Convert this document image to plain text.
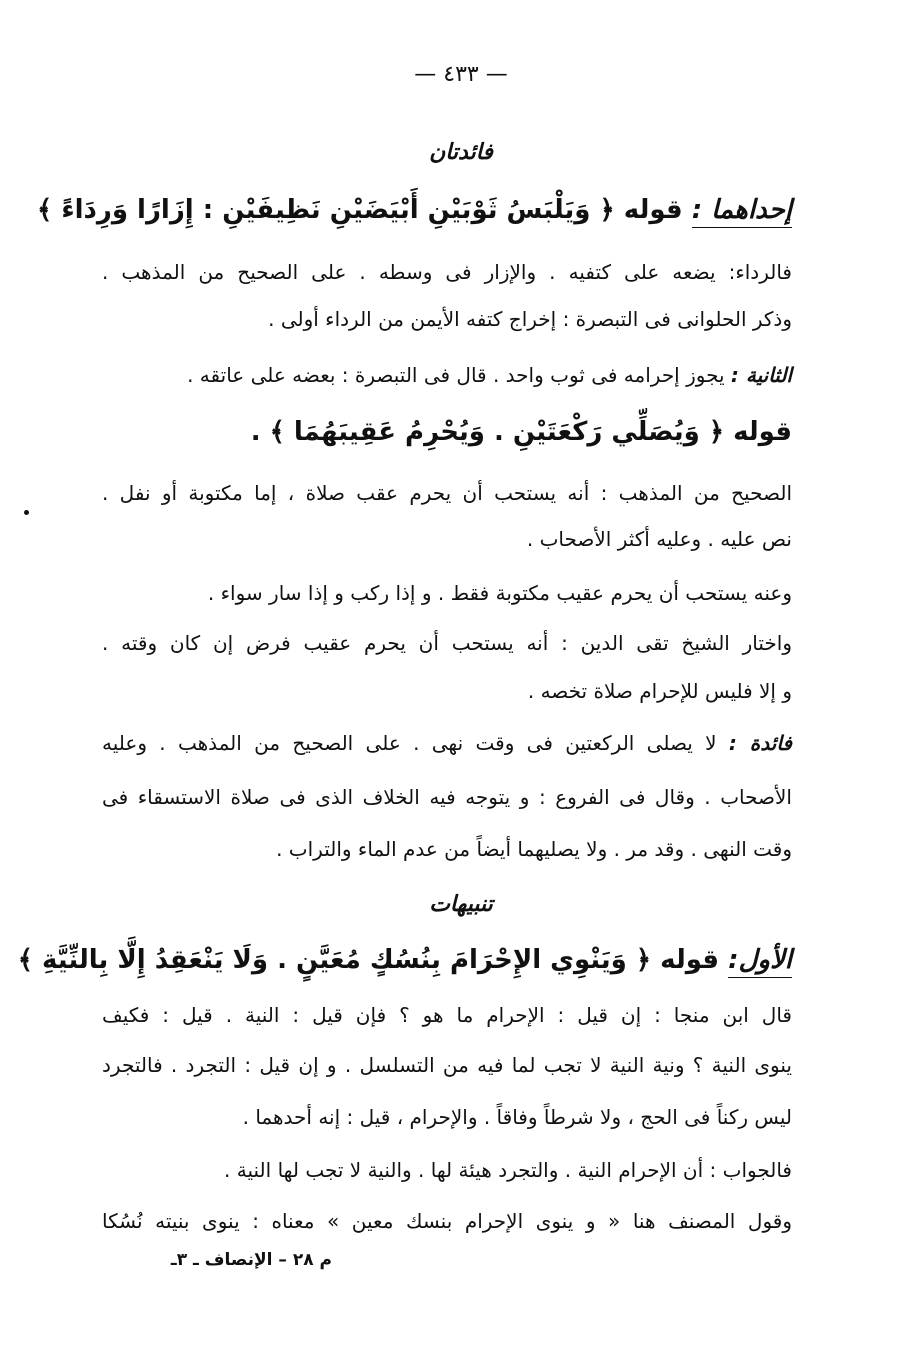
— ٤٣٣ —
فائدتان
إحداهما : قوله ﴿ وَيَلْبَسُ ثَوْبَيْنِ أَبْيَضَيْنِ نَظِيفَيْنِ : إِزَارًا وَرِدَاءً ﴾
فالرداء: يضعه على كتفيه . والإزار فى وسطه . على الصحيح من المذهب .
وذكر الحلوانى فى التبصرة : إخراج كتفه الأيمن من الرداء أولى .
الثانية : يجوز إحرامه فى ثوب واحد . قال فى التبصرة : بعضه على عاتقه .
قوله ﴿ وَيُصَلِّي رَكْعَتَيْنِ . وَيُحْرِمُ عَقِيبَهُمَا ﴾ .
الصحيح من المذهب : أنه يستحب أن يحرم عقب صلاة ، إما مكتوبة أو نفل .
نص عليه . وعليه أكثر الأصحاب .
وعنه يستحب أن يحرم عقيب مكتوبة فقط . و إذا ركب و إذا سار سواء .
واختار الشيخ تقى الدين : أنه يستحب أن يحرم عقيب فرض إن كان وقته .
و إلا فليس للإحرام صلاة تخصه .
فائدة : لا يصلى الركعتين فى وقت نهى . على الصحيح من المذهب . وعليه
الأصحاب . وقال فى الفروع : و يتوجه فيه الخلاف الذى فى صلاة الاستسقاء فى
وقت النهى . وقد مر . ولا يصليهما أيضاً من عدم الماء والتراب .
تنبيهات
الأول: قوله ﴿ وَيَنْوِي الإِحْرَامَ بِنُسُكٍ مُعَيَّنٍ . وَلَا يَنْعَقِدُ إِلَّا بِالنِّيَّةِ ﴾
قال ابن منجا : إن قيل : الإحرام ما هو ؟ فإن قيل : النية . قيل : فكيف
ينوى النية ؟ ونية النية لا تجب لما فيه من التسلسل . و إن قيل : التجرد . فالتجرد
ليس ركناً فى الحج ، ولا شرطاً وفاقاً . والإحرام ، قيل : إنه أحدهما .
فالجواب : أن الإحرام النية . والتجرد هيئة لها . والنية لا تجب لها النية .
وقول المصنف هنا « و ينوى الإحرام بنسك معين » معناه : ينوى بنيته نُسُكا
م ٢٨ – الإنصاف ـ ٣ـ
